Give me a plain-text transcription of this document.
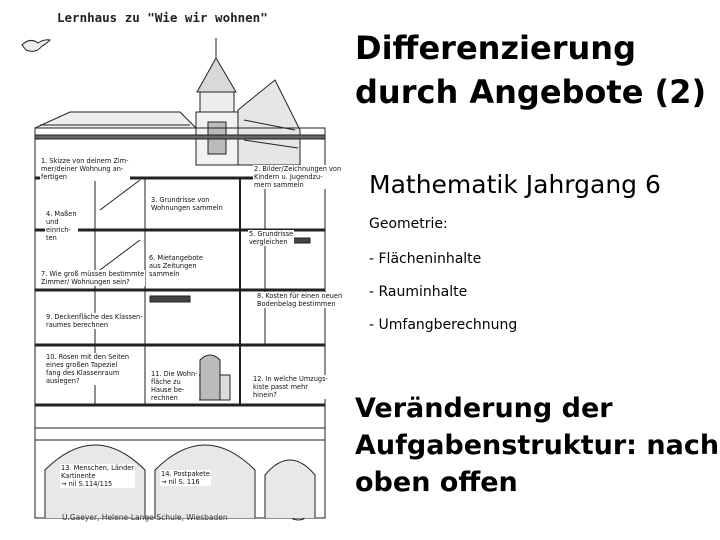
Lernhaus zu "Wie wir wohnen"
U.Gaeyer, Helene-Lange-Schule, Wiesbaden
1. Skizze von deinem Zim-
mer/deiner Wohnung an-
fertigen
2. Bilder/Zeichnungen von
Kindern u. Jugendzu-
mern sammeln
3. Grundrisse von
Wohnungen sammeln
4. Maßen
und
einrich-
ten	5. Grundrisse
vergleichen
6. Mietangebote
aus Zeitungen
sammeln
7. Wie groß müssen bestimmte
Zimmer/ Wohnungen sein?
8. Kosten für einen neuen
Bodenbelag bestimmen
9. Deckenfläche des Klassen-
raumes berechnen
10. Rosen mit den Seiten
eines großen Tapeziel
fang des Klassenraum
auslegen?
11. Die Wohn-
fläche zu
Hause be-
rechnen
12. In welche Umzugs-
kiste passt mehr
hinein?
13. Menschen, Länder
Kartinente
→ nil S.114/115
14. Postpakete
→ nil S. 116
Differenzierung
durch Angebote (2)
Mathematik Jahrgang 6
Geometrie:
- Flächeninhalte
- Rauminhalte
- Umfangberechnung
Veränderung der
Aufgabenstruktur: nach
oben offen
